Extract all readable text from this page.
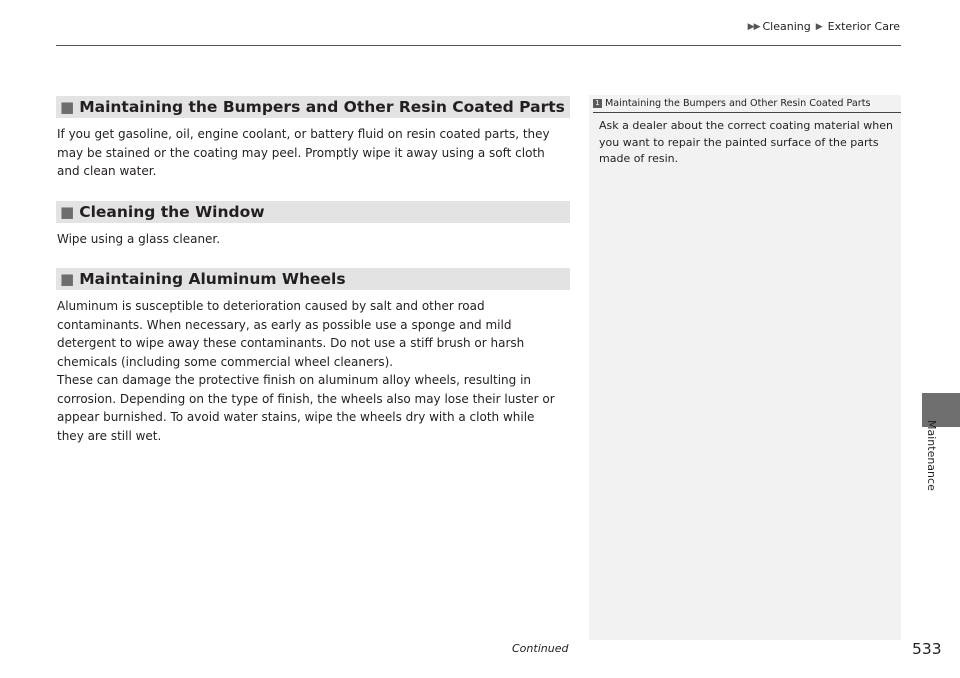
▶▶ Cleaning ▶ Exterior Care
■ Maintaining the Bumpers and Other Resin Coated Parts

If you get gasoline, oil, engine coolant, or battery fluid on resin coated parts, they may be stained or the coating may peel. Promptly wipe it away using a soft cloth and clean water.

■ Cleaning the Window

Wipe using a glass cleaner.

■ Maintaining Aluminum Wheels

Aluminum is susceptible to deterioration caused by salt and other road contaminants. When necessary, as early as possible use a sponge and mild detergent to wipe away these contaminants. Do not use a stiff brush or harsh chemicals (including some commercial wheel cleaners).

These can damage the protective finish on aluminum alloy wheels, resulting in corrosion. Depending on the type of finish, the wheels also may lose their luster or appear burnished. To avoid water stains, wipe the wheels dry with a cloth while they are still wet.

1 Maintaining the Bumpers and Other Resin Coated Parts

Ask a dealer about the correct coating material when you want to repair the painted surface of the parts made of resin.

Continued	533
Maintenance
